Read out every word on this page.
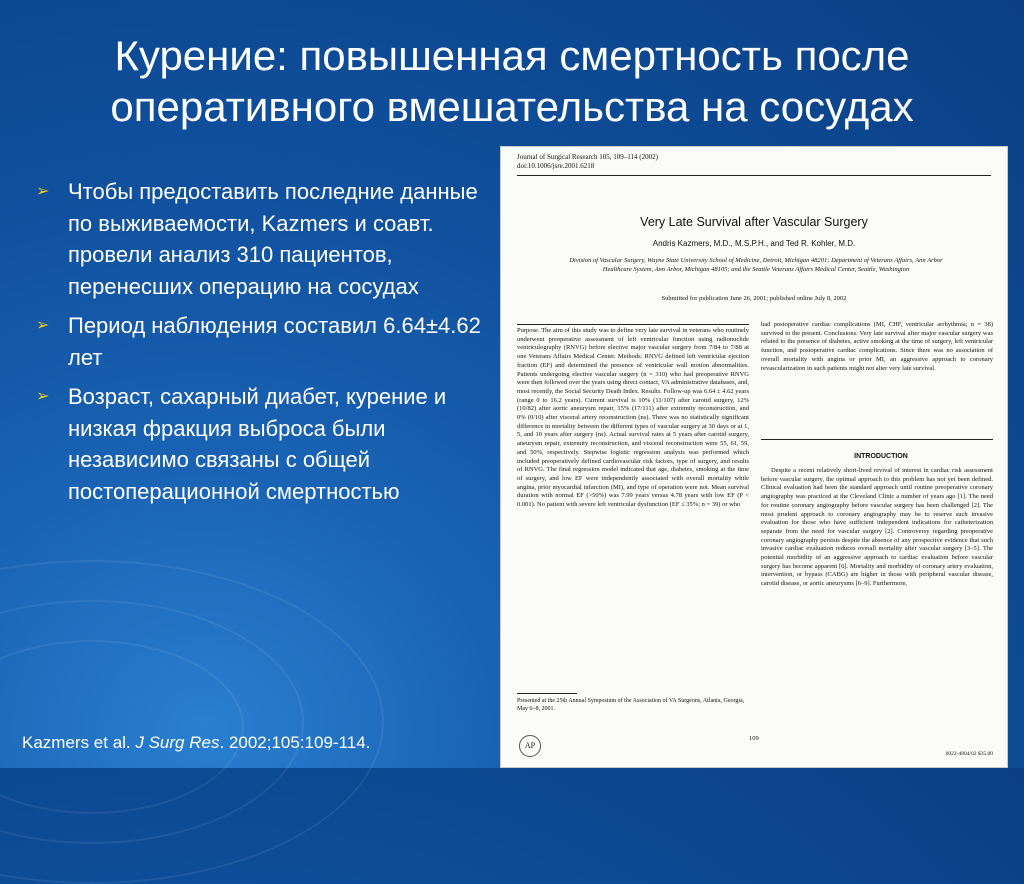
Курение: повышенная смертность после оперативного вмешательства на сосудах
➢ Чтобы предоставить последние данные по выживаемости, Kazmers и соавт. провели анализ 310 пациентов, перенесших операцию на сосудах
➢ Период наблюдения составил 6.64±4.62 лет
➢ Возраст, сахарный диабет, курение и низкая фракция выброса были независимо связаны с общей постоперационной смертностью
Kazmers et al. J Surg Res. 2002;105:109-114.
Journal of Surgical Research 105, 109–114 (2002)
doi:10.1006/jsre.2001.6218
Very Late Survival after Vascular Surgery
Andris Kazmers, M.D., M.S.P.H., and Ted R. Kohler, M.D.
Division of Vascular Surgery, Wayne State University School of Medicine, Detroit, Michigan 48201; Department of Veterans Affairs, Ann Arbor Healthcare System, Ann Arbor, Michigan 48105; and the Seattle Veterans Affairs Medical Center, Seattle, Washington
Submitted for publication June 26, 2001; published online July 8, 2002

Purpose. The aim of this study was to define very late survival in veterans who routinely underwent preoperative assessment of left ventricular function using radionuclide ventriculography (RNVG) before elective major vascular surgery from 7/84 to 7/88 at one Veterans Affairs Medical Center. Methods. RNVG defined left ventricular ejection fraction (EF) and determined the presence of ventricular wall motion abnormalities. Patients undergoing elective vascular surgery (n = 310) who had preoperative RNVG were then followed over the years using direct contact, VA administrative databases, and, most recently, the Social Security Death Index. Results. Follow-up was 6.64 ± 4.62 years (range 0 to 16.2 years). Current survival is 10% (11/107) after carotid surgery, 12% (10/82) after aortic aneurysm repair, 15% (17/111) after extremity reconstruction, and 0% (0/10) after visceral artery reconstruction (ns). There was no statistically significant difference in mortality between the different types of vascular surgery at 30 days or at 1, 5, and 10 years after surgery (ns). Actual survival rates at 5 years after carotid surgery, aneurysm repair, extremity reconstruction, and visceral reconstruction were 55, 61, 59, and 50%, respectively. Stepwise logistic regression analysis was performed which included preoperatively defined cardiovascular risk factors, type of surgery, and results of RNVG. The final regression model indicated that age, diabetes, smoking at the time of surgery, and low EF were independently associated with overall mortality while angina, prior myocardial infarction (MI), and type of operation were not. Mean survival duration with normal EF (>50%) was 7.99 years versus 4.78 years with low EF (P < 0.001). No patient with severe left ventricular dysfunction (EF ≤ 35%; n = 39) or who

had postoperative cardiac complications (MI, CHF, ventricular arrhythmia; n = 38) survived to the present. Conclusions. Very late survival after major vascular surgery was related to the presence of diabetes, active smoking at the time of surgery, left ventricular function, and postoperative cardiac complications. Since there was no association of overall mortality with angina or prior MI, an aggressive approach to coronary revascularization in such patients might not alter very late survival.

INTRODUCTION

Despite a recent relatively short-lived revival of interest in cardiac risk assessment before vascular surgery, the optimal approach to this problem has not yet been defined. Clinical evaluation had been the standard approach until routine preoperative coronary angiography was practiced at the Cleveland Clinic a number of years ago [1]. The need for routine coronary angiography before vascular surgery has been challenged [2]. The most prudent approach to coronary angiography may be to reserve such invasive evaluation for those who have sufficient independent indications for catheterization separate from the need for vascular surgery [2]. Controversy regarding preoperative coronary angiography persists despite the absence of any prospective evidence that such invasive cardiac evaluation reduces overall mortality after vascular surgery [3–5]. The potential morbidity of an aggressive approach to cardiac evaluation before vascular surgery has become apparent [6]. Mortality and morbidity of coronary artery evaluation, intervention, or bypass (CABG) are higher in those with peripheral vascular disease, carotid disease, or aortic aneurysms [6–9]. Furthermore,

Presented at the 25th Annual Symposium of the Association of VA Surgeons, Atlanta, Georgia, May 6–8, 2001.
AP
109
0022-4804/02 $35.00
